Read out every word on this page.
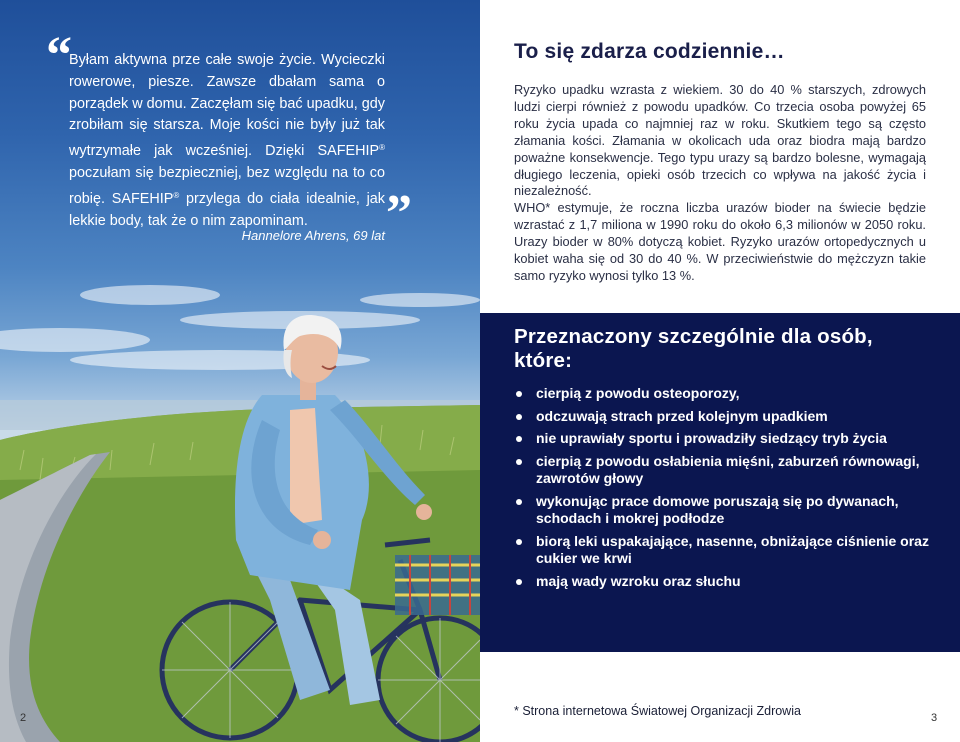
“
Byłam aktywna prze całe swoje życie. Wycieczki rowerowe, piesze. Zawsze dbałam sama o porządek w domu. Zaczęłam się bać upadku, gdy zrobiłam się starsza. Moje kości nie były już tak wytrzymałe jak wcześniej. Dzięki SAFEHIP® poczułam się bezpieczniej, bez względu na to co robię. SAFEHIP® przylega do ciała idealnie, jak lekkie body, tak że o nim zapominam.	”
Hannelore Ahrens, 69 lat
To się zdarza codziennie…

Ryzyko upadku wzrasta z wiekiem. 30 do 40 % starszych, zdrowych ludzi cierpi również z powodu upadków. Co trzecia osoba powyżej 65 roku życia upada co najmniej raz w roku. Skutkiem tego są często złamania kości. Złamania w okolicach uda oraz biodra mają bardzo poważne konsekwencje. Tego typu urazy są bardzo bolesne, wymagają długiego leczenia, opieki osób trzecich co wpływa na jakość życia i niezależność.

WHO* estymuje, że roczna liczba urazów bioder na świecie będzie wzrastać z 1,7 miliona w 1990 roku do około 6,3 milionów w 2050 roku. Urazy bioder w 80% dotyczą kobiet. Ryzyko urazów ortopedycznych u kobiet waha się od 30 do 40 %. W przeciwieństwie do mężczyzn takie samo ryzyko wynosi tylko 13 %.

Przeznaczony szczególnie dla osób, które:
cierpią z powodu osteoporozy,
odczuwają strach przed kolejnym upadkiem
nie uprawiały sportu i prowadziły siedzący tryb życia
cierpią z powodu osłabienia mięśni, zaburzeń równowagi, zawrotów głowy
wykonując prace domowe poruszają się po dywanach, schodach i mokrej podłodze
biorą leki uspakajające, nasenne, obniżające ciśnienie oraz cukier we krwi
mają wady wzroku oraz słuchu
* Strona internetowa Światowej Organizacji Zdrowia
2	3
